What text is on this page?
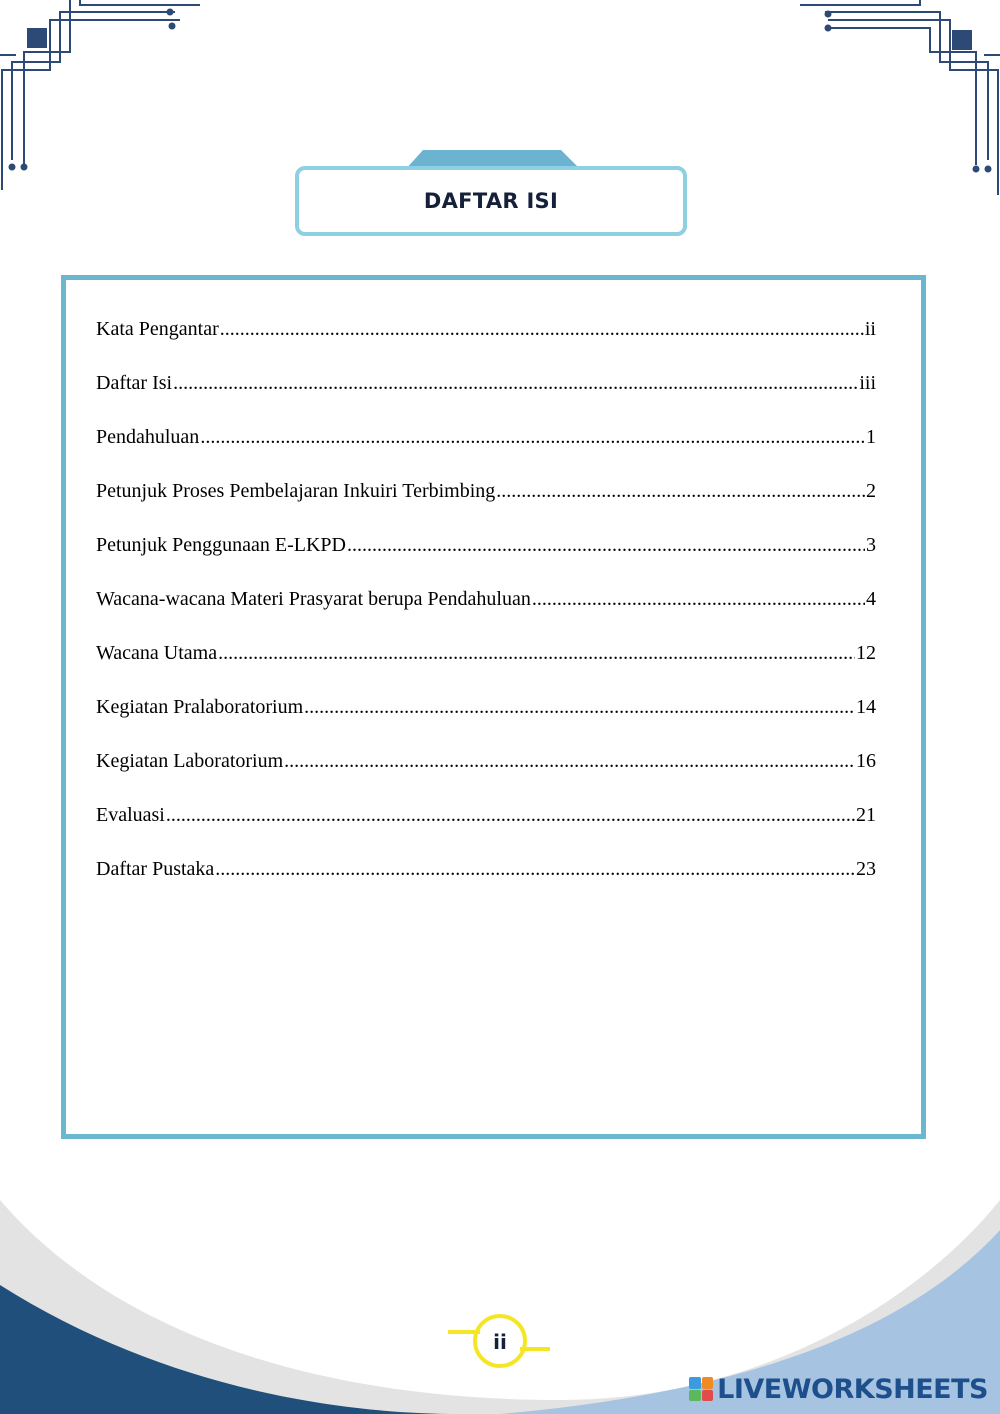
DAFTAR ISI
Kata Pengantar .....	ii
Daftar Isi .....	iii
Pendahuluan .....	1
Petunjuk Proses Pembelajaran Inkuiri Terbimbing .....	2
Petunjuk Penggunaan E-LKPD .....	3
Wacana-wacana Materi Prasyarat berupa Pendahuluan .....	4
Wacana Utama .....	12
Kegiatan Pralaboratorium .....	14
Kegiatan Laboratorium .....	16
Evaluasi .....	21
Daftar Pustaka .....	23
ii
LIVEWORKSHEETS
